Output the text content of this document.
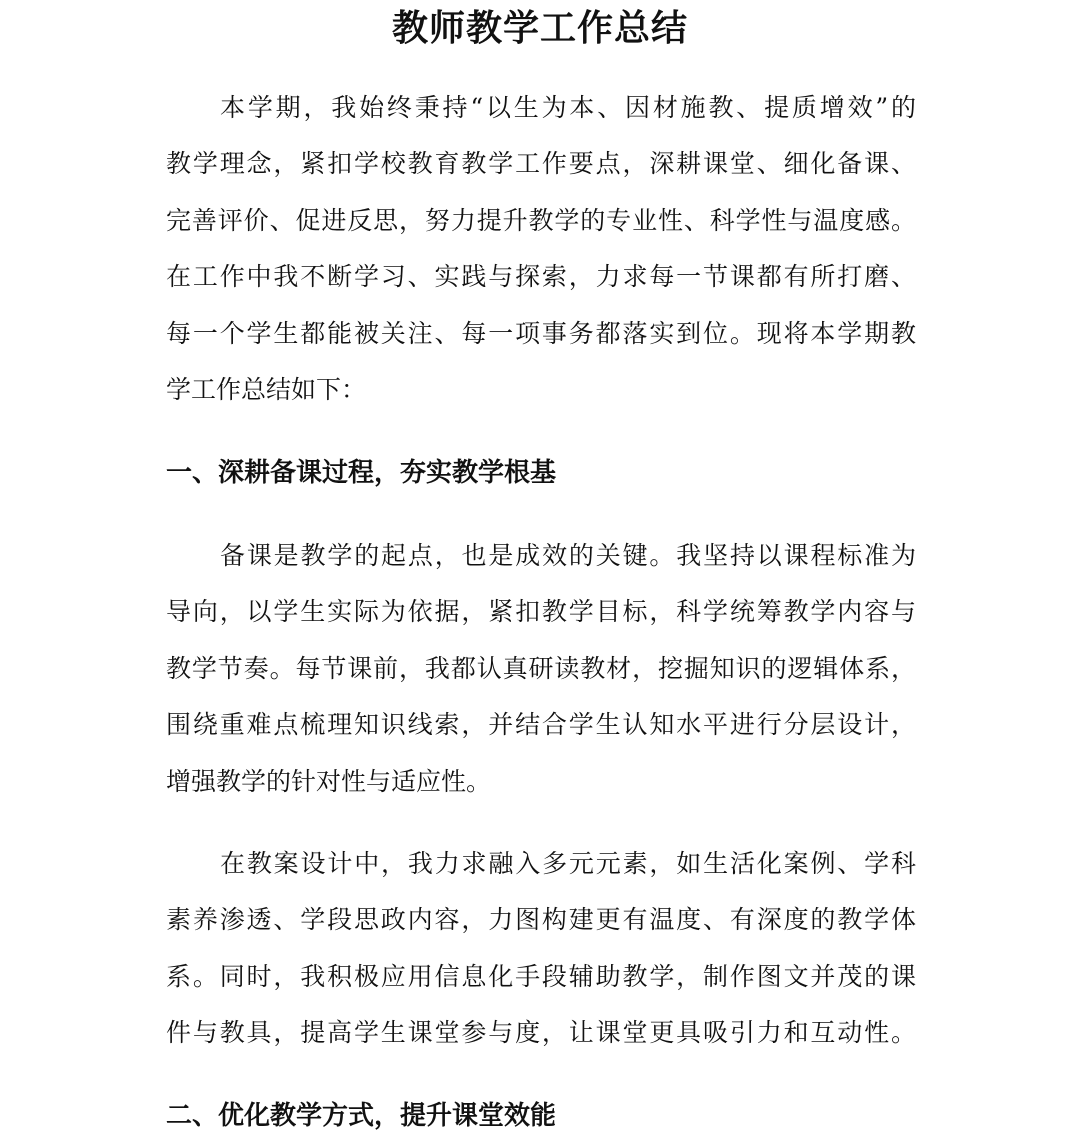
教师教学工作总结
本学期，我始终秉持“以生为本、因材施教、提质增效”的
教学理念，紧扣学校教育教学工作要点，深耕课堂、细化备课、
完善评价、促进反思，努力提升教学的专业性、科学性与温度感。
在工作中我不断学习、实践与探索，力求每一节课都有所打磨、
每一个学生都能被关注、每一项事务都落实到位。现将本学期教
学工作总结如下：
一、深耕备课过程，夯实教学根基
备课是教学的起点，也是成效的关键。我坚持以课程标准为
导向，以学生实际为依据，紧扣教学目标，科学统筹教学内容与
教学节奏。每节课前，我都认真研读教材，挖掘知识的逻辑体系，
围绕重难点梳理知识线索，并结合学生认知水平进行分层设计，
增强教学的针对性与适应性。
在教案设计中，我力求融入多元元素，如生活化案例、学科
素养渗透、学段思政内容，力图构建更有温度、有深度的教学体
系。同时，我积极应用信息化手段辅助教学，制作图文并茂的课
件与教具，提高学生课堂参与度，让课堂更具吸引力和互动性。
二、优化教学方式，提升课堂效能
